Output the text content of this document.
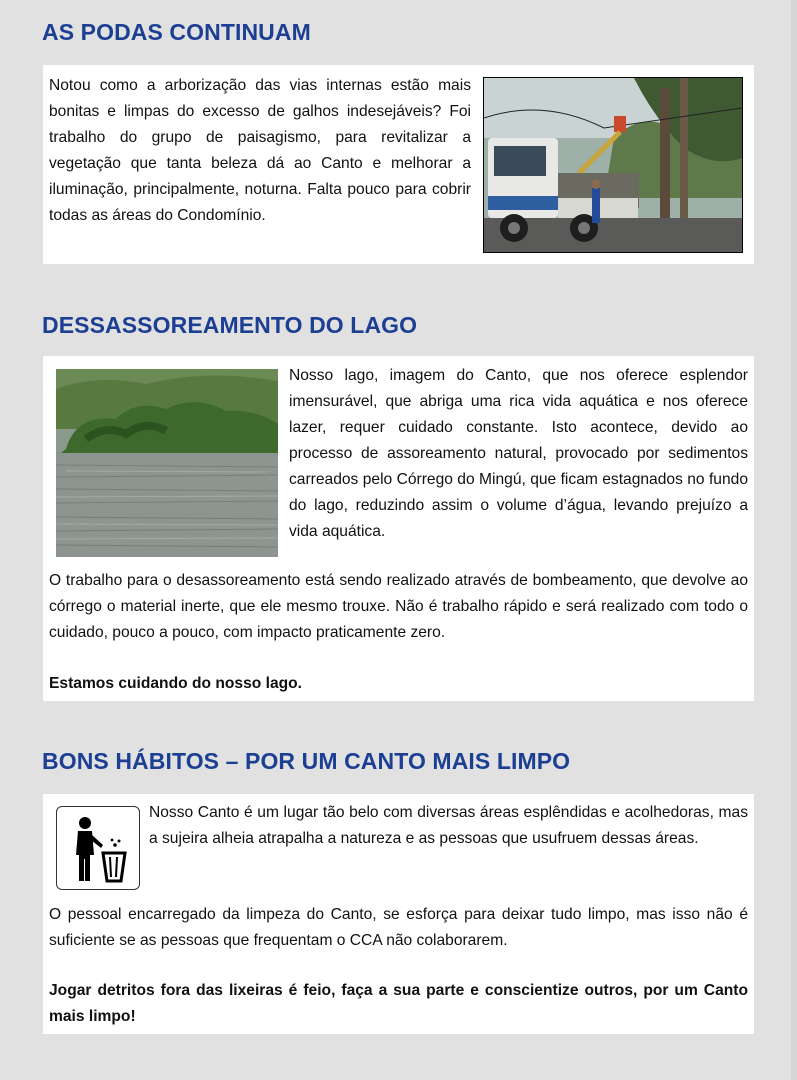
AS PODAS CONTINUAM

Notou como a arborização das vias internas estão mais bonitas e limpas do excesso de galhos indesejáveis? Foi trabalho do grupo de paisagismo, para revitalizar a vegetação que tanta beleza dá ao Canto e melhorar a iluminação, principalmente, noturna. Falta pouco para cobrir todas as áreas do Condomínio.

DESSASSOREAMENTO DO LAGO

Nosso lago, imagem do Canto, que nos oferece esplendor imensurável, que abriga uma rica vida aquática e nos oferece lazer, requer cuidado constante. Isto acontece, devido ao processo de assoreamento natural, provocado por sedimentos carreados pelo Córrego do Mingú, que ficam estagnados no fundo do lago, reduzindo assim o volume d’água, levando prejuízo a vida aquática.

O trabalho para o desassoreamento está sendo realizado através de bombeamento, que devolve ao córrego o material inerte, que ele mesmo trouxe. Não é trabalho rápido e será realizado com todo o cuidado, pouco a pouco, com impacto praticamente zero.

Estamos cuidando do nosso lago.

BONS HÁBITOS – POR UM CANTO MAIS LIMPO

Nosso Canto é um lugar tão belo com diversas áreas esplêndidas e acolhedoras, mas a sujeira alheia atrapalha a natureza e as pessoas que usufruem dessas áreas.

O pessoal encarregado da limpeza do Canto, se esforça para deixar tudo limpo, mas isso não é suficiente se as pessoas que frequentam o CCA não colaborarem.

Jogar detritos fora das lixeiras é feio, faça a sua parte e conscientize outros, por um Canto mais limpo!
